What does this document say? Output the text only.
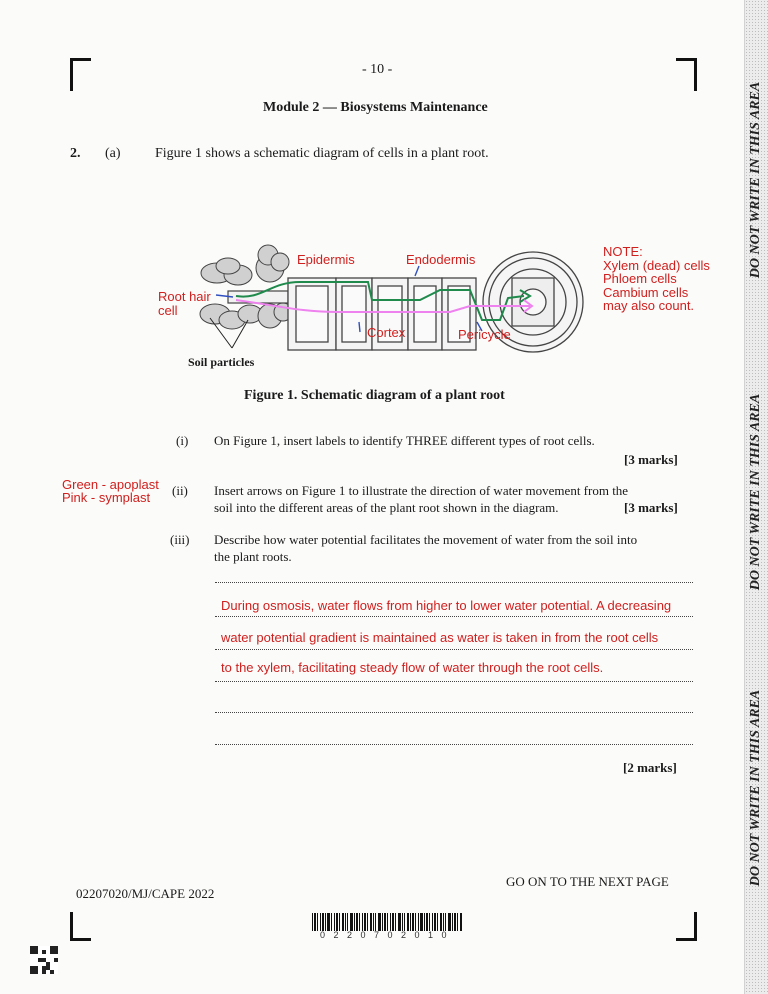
- 10 -
Module 2 — Biosystems Maintenance
2. (a) Figure 1 shows a schematic diagram of cells in a plant root.
Epidermis	Endodermis
Root hair
cell
Cortex	Pericycle
Soil particles
NOTE:
Xylem (dead) cells
Phloem cells
Cambium cells
may also count.
Figure 1. Schematic diagram of a plant root
(i) On Figure 1, insert labels to identify THREE different types of root cells.
[3 marks]
Green - apoplast
Pink - symplast (ii) Insert arrows on Figure 1 to illustrate the direction of water movement from the
soil into the different areas of the plant root shown in the diagram.	[3 marks]
(iii) Describe how water potential facilitates the movement of water from the soil into
the plant roots.
During osmosis, water flows from higher to lower water potential. A decreasing
water potential gradient is maintained as water is taken in from the root cells
to the xylem, facilitating steady flow of water through the root cells.
[2 marks]
GO ON TO THE NEXT PAGE
02207020/MJ/CAPE 2022
0 2 2 0 7 0 2 0 1 0
DO NOT WRITE IN THIS AREA
DO NOT WRITE IN THIS AREA
DO NOT WRITE IN THIS AREA
